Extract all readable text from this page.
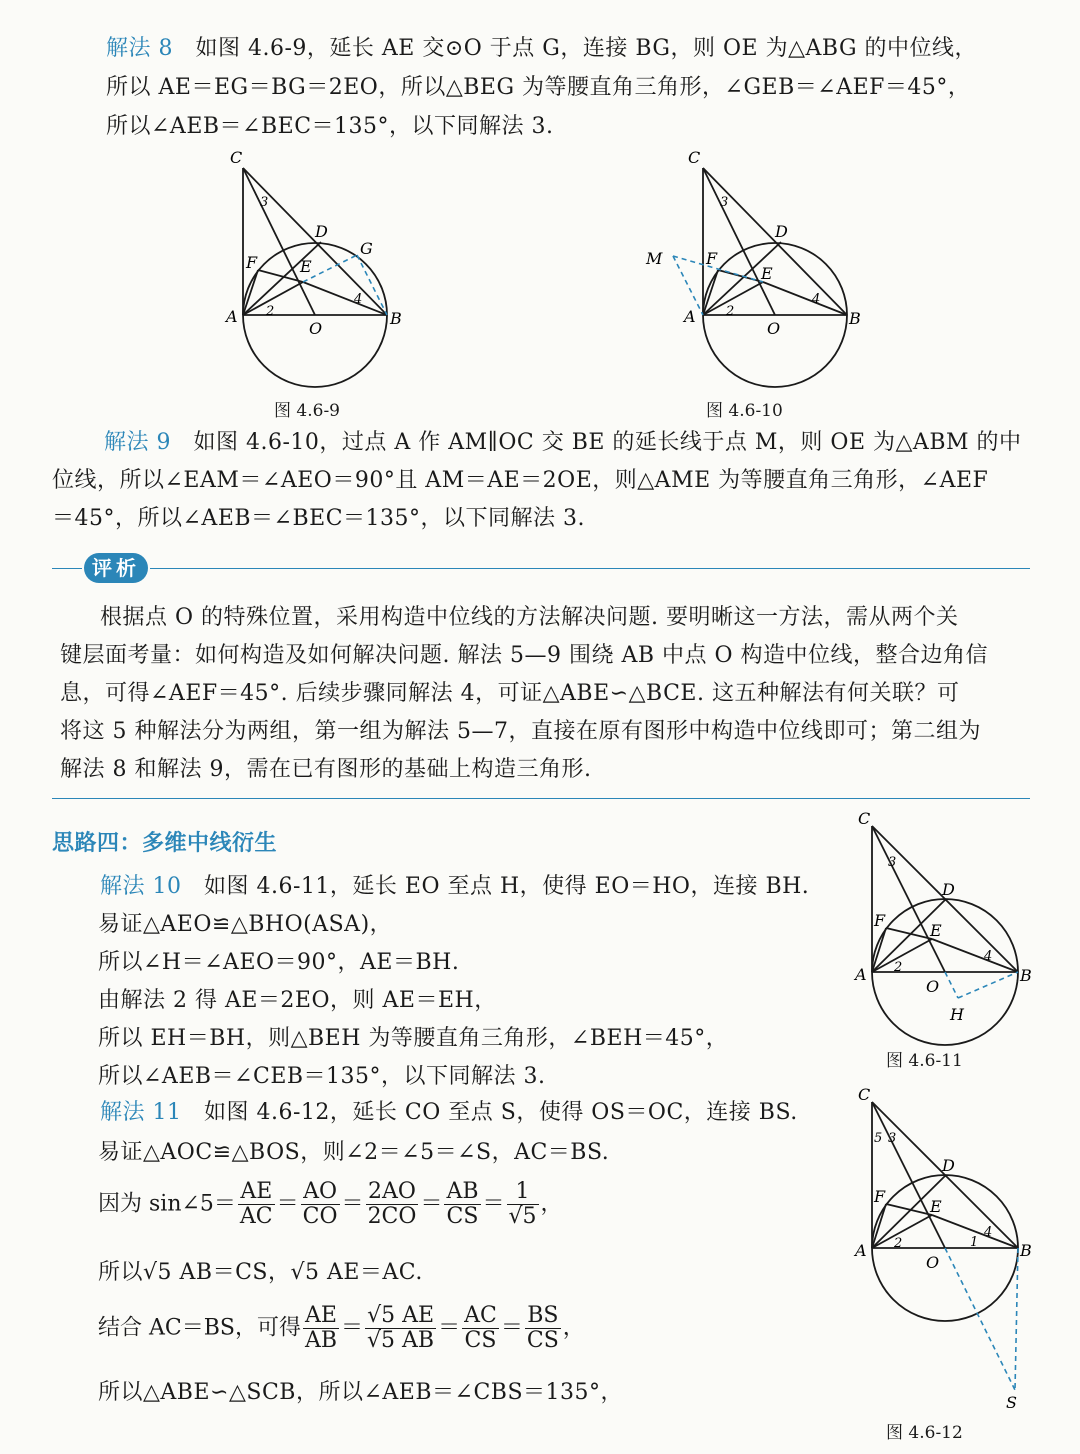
解法 8 如图 4.6-9，延长 AE 交⊙O 于点 G，连接 BG，则 OE 为△ABG 的中位线，
所以 AE＝EG＝BG＝2EO，所以△BEG 为等腰直角三角形，∠GEB＝∠AEF＝45°，
所以∠AEB＝∠BEC＝135°，以下同解法 3.
C
3
D
G
F	E
A 2
4
O
B
图 4.6-9
C
3
D
M	F
E
A 2
4
O
B
图 4.6-10
解法 9 如图 4.6-10，过点 A 作 AM∥OC 交 BE 的延长线于点 M，则 OE 为△ABM 的中
位线，所以∠EAM＝∠AEO＝90°且 AM＝AE＝2OE，则△AME 为等腰直角三角形，∠AEF
＝45°，所以∠AEB＝∠BEC＝135°，以下同解法 3.
评析
根据点 O 的特殊位置，采用构造中位线的方法解决问题. 要明晰这一方法，需从两个关
键层面考量：如何构造及如何解决问题. 解法 5—9 围绕 AB 中点 O 构造中位线，整合边角信
息，可得∠AEF＝45°. 后续步骤同解法 4，可证△ABE∽△BCE. 这五种解法有何关联？可
将这 5 种解法分为两组，第一组为解法 5—7，直接在原有图形中构造中位线即可；第二组为
解法 8 和解法 9，需在已有图形的基础上构造三角形.
思路四：多维中线衍生
解法 10 如图 4.6-11，延长 EO 至点 H，使得 EO＝HO，连接 BH.
易证△AEO≌△BHO(ASA)，
所以∠H＝∠AEO＝90°，AE＝BH.
由解法 2 得 AE＝2EO，则 AE＝EH，
所以 EH＝BH，则△BEH 为等腰直角三角形，∠BEH＝45°，
所以∠AEB＝∠CEB＝135°，以下同解法 3.
C
3
D
F
E
A 2
4
O
B
H
图 4.6-11
解法 11 如图 4.6-12，延长 CO 至点 S，使得 OS＝OC，连接 BS.
易证△AOC≌△BOS，则∠2＝∠5＝∠S，AC＝BS.
因为 sin∠5＝ $\frac{AE}{AC} = \frac{AO}{CO} = \frac{2AO}{2CO} = \frac{AB}{CS} = \frac{1}{√5}$ ，
所以√5 AB＝CS，√5 AE＝AC.
结合 AC＝BS，可得 $\frac{AE}{AB} = \frac{√5 AE}{√5 AB} = \frac{AC}{CS} = \frac{BS}{CS}$ ，
所以△ABE∽△SCB，所以∠AEB＝∠CBS＝135°，
C
5 3
D
F
E
A 2	1
4
O
B
S
图 4.6-12
